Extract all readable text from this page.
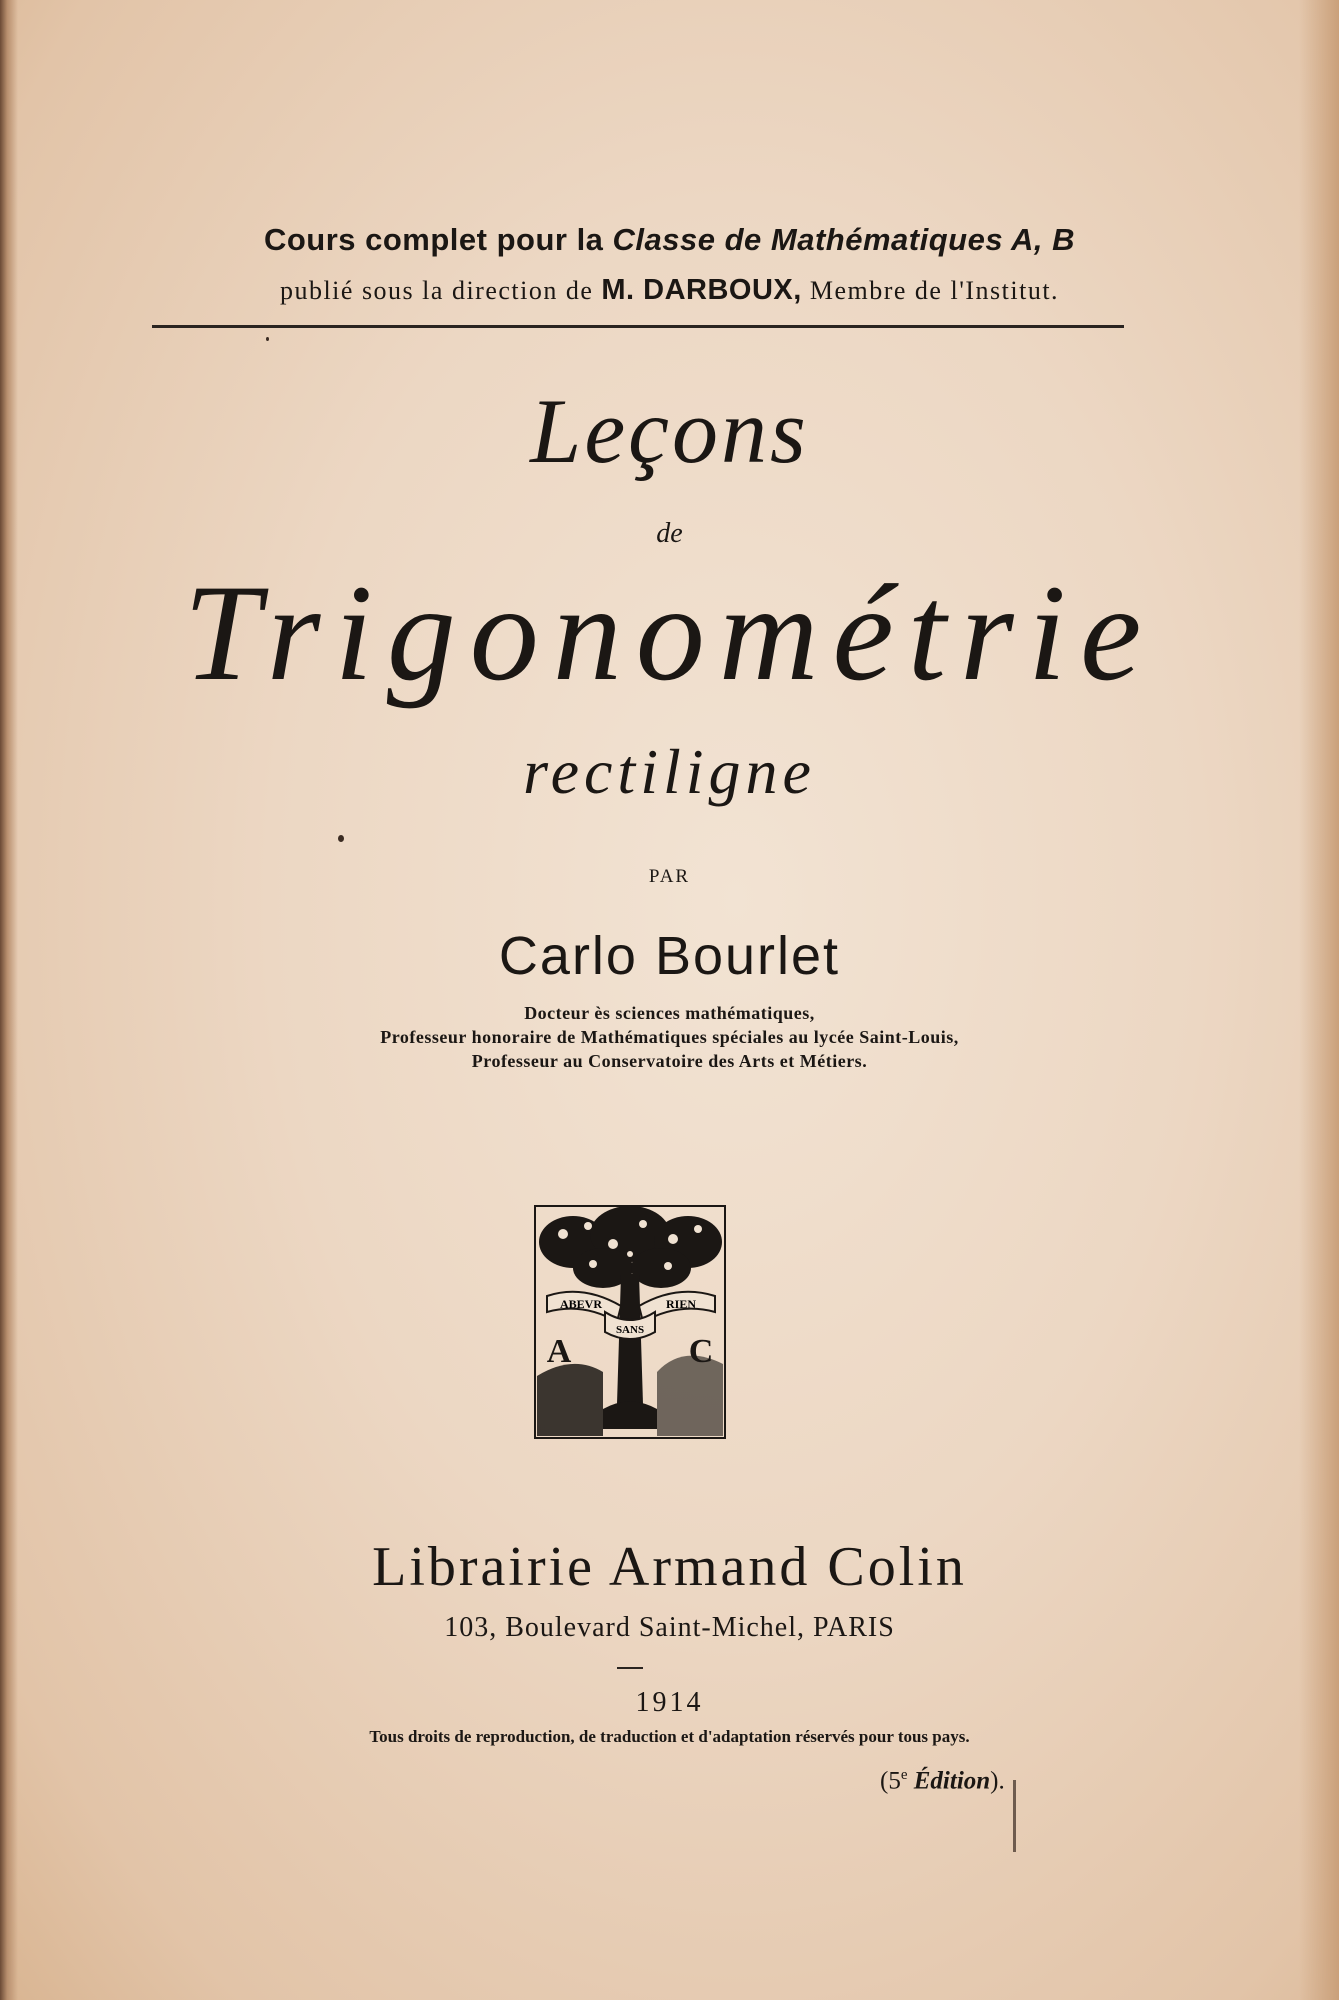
Cours complet pour la Classe de Mathématiques A, B
publié sous la direction de M. DARBOUX, Membre de l'Institut.
Leçons
de
Trigonométrie
rectiligne
PAR
Carlo Bourlet
Docteur ès sciences mathématiques,
Professeur honoraire de Mathématiques spéciales au lycée Saint-Louis,
Professeur au Conservatoire des Arts et Métiers.
ABEVR
SANS
RIEN
A	C
Librairie Armand Colin
103, Boulevard Saint-Michel, PARIS
1914
Tous droits de reproduction, de traduction et d'adaptation réservés pour tous pays.
(5e Édition).
